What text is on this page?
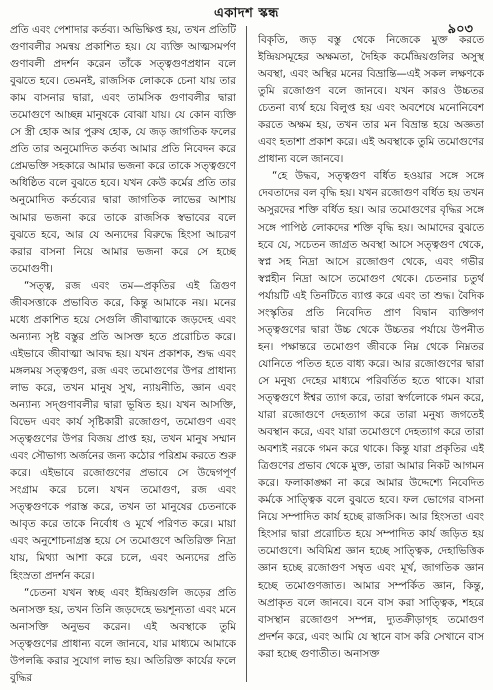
একাদশ স্কন্ধ
৯০৩

প্রতি এবং পেশাদার কর্তব্য। অভিক্ষিপ্ত হয়, তখন প্রতিটি গুণাবলীর সমন্বয় প্রকাশিত হয়। যে ব্যক্তি আত্মসমর্পণ গুণাবলী প্রদর্শন করেন তাঁকে সত্ত্বগুণপ্রধান বলে বুঝতে হবে। তেমনই, রাজসিক লোককে চেনা যায় তার কাম বাসনার দ্বারা, এবং তামসিক গুণাবলীর দ্বারা তমোগুণে আচ্ছন্ন মানুষকে বোঝা যায়। যে কোন ব্যক্তি সে স্ত্রী হোক আর পুরুষ হোক, যে জড় জাগতিক ফলের প্রতি তার অনুমোদিত কর্তব্য আমার প্রতি নিবেদন করে প্রেমভক্তি সহকারে আমার ভজনা করে তাকে সত্ত্বগুণে অধিষ্ঠিত বলে বুঝতে হবে। যখন কেউ কর্মের প্রতি তার অনুমোদিত কর্তব্যের দ্বারা জাগতিক লাভের আশায় আমার ভজনা করে তাকে রাজসিক স্বভাবের বলে বুঝতে হবে, আর যে অন্যদের বিরুদ্ধে হিংসা আচরণ করার বাসনা নিয়ে আমার ভজনা করে সে হচ্ছে তমোগুণী।

“সত্ত্ব, রজ এবং তম—প্রকৃতির এই ত্রিগুণ জীবসত্তাকে প্রভাবিত করে, কিন্তু আমাকে নয়। মনের মধ্যে প্রকাশিত হয়ে সেগুলি জীবাত্মাকে জড়দেহ এবং অন্যান্য সৃষ্ট বস্তুর প্রতি আসক্ত হতে প্ররোচিত করে। এইভাবে জীবাত্মা আবদ্ধ হয়। যখন প্রকাশক, শুদ্ধ এবং মঙ্গলময় সত্ত্বগুণ, রজ এবং তমোগুণের উপর প্রাধান্য লাভ করে, তখন মানুষ সুখ, ন্যায়নীতি, জ্ঞান এবং অন্যান্য সদ্গুণাবলীর দ্বারা ভূষিত হয়। যখন আসক্তি, বিভেদ এবং কার্য সৃষ্টিকারী রজোগুণ, তমোগুণ এবং সত্ত্বগুণের উপর বিজয় প্রাপ্ত হয়, তখন মানুষ সম্মান এবং সৌভাগ্য অর্জনের জন্য কঠোর পরিশ্রম করতে শুরু করে। এইভাবে রজোগুণের প্রভাবে সে উদ্বেগপূর্ণ সংগ্রাম করে চলে। যখন তমোগুণ, রজ এবং সত্ত্বগুণকে পরাস্ত করে, তখন তা মানুষের চেতনাকে আবৃত করে তাকে নির্বোধ ও মূর্খে পরিণত করে। মায়া এবং অনুশোচনাগ্রস্ত হয়ে সে তমোগুণে অতিরিক্ত নিদ্রা যায়, মিথ্যা আশা করে চলে, এবং অন্যদের প্রতি হিংস্রতা প্রদর্শন করে।

“চেতনা যখন স্বচ্ছ এবং ইন্দ্রিয়গুলি জড়ের প্রতি অনাসক্ত হয়, তখন তিনি জড়দেহে ভয়শূন্যতা এবং মনে অনাসক্তি অনুভব করেন। এই অবস্থাকে তুমি সত্ত্বগুণের প্রাধান্য বলে জানবে, যার মাধ্যমে আমাকে উপলব্ধি করার সুযোগ লাভ হয়। অতিরিক্ত কার্যের ফলে বুদ্ধির

বিকৃতি, জড় বস্তু থেকে নিজেকে মুক্ত করতে ইন্দ্রিয়সমূহের অক্ষমতা, দৈহিক কর্মেন্দ্রিয়গুলির অসুস্থ অবস্থা, এবং অস্থির মনের বিভ্রান্তি—এই সকল লক্ষণকে তুমি রজোগুণ বলে জানবে। যখন কারও উচ্চতর চেতনা ব্যর্থ হয়ে বিলুপ্ত হয় এবং অবশেষে মনোনিবেশ করতে অক্ষম হয়, তখন তার মন বিভ্রান্ত হয়ে অজ্ঞতা এবং হতাশা প্রকাশ করে। এই অবস্থাকে তুমি তমোগুণের প্রাধান্য বলে জানবে।

“হে উদ্ধব, সত্ত্বগুণ বর্ধিত হওয়ার সঙ্গে সঙ্গে দেবতাদের বল বৃদ্ধি হয়। যখন রজোগুণ বর্ধিত হয় তখন অসুরদের শক্তি বর্ধিত হয়। আর তমোগুণের বৃদ্ধির সঙ্গে সঙ্গে পাপিষ্ঠ লোকদের শক্তি বৃদ্ধি হয়। আমাদের বুঝতে হবে যে, সচেতন জাগ্রত অবস্থা আসে সত্ত্বগুণ থেকে, স্বপ্ন সহ নিদ্রা আসে রজোগুণ থেকে, এবং গভীর স্বপ্নহীন নিদ্রা আসে তমোগুণ থেকে। চেতনার চতুর্থ পর্যায়টি এই তিনটিতে ব্যাপ্ত করে এবং তা শুদ্ধ। বৈদিক সংস্কৃতির প্রতি নিবেদিত প্রাণ বিদ্বান ব্যক্তিগণ সত্ত্বগুণের দ্বারা উচ্চ থেকে উচ্চতর পর্যায়ে উপনীত হন। পক্ষান্তরে তমোগুণ জীবকে নিম্ন থেকে নিম্নতর যোনিতে পতিত হতে বাধ্য করে। আর রজোগুণের দ্বারা সে মনুষ্য দেহের মাধ্যমে পরিবর্তিত হতে থাকে। যারা সত্ত্বগুণে ঈশ্বর ত্যাগ করে, তারা স্বর্গলোকে গমন করে, যারা রজোগুণে দেহত্যাগ করে তারা মনুষ্য জগতেই অবস্থান করে, এবং যারা তমোগুণে দেহত্যাগ করে তারা অবশ্যই নরকে গমন করে থাকে। কিন্তু যারা প্রকৃতির এই ত্রিগুণের প্রভাব থেকে মুক্ত, তারা আমার নিকট আগমন করে। ফলাকাঙ্ক্ষা না করে আমার উদ্দেশ্যে নিবেদিত কর্মকে সাত্ত্বিক বলে বুঝতে হবে। ফল ভোগের বাসনা নিয়ে সম্পাদিত কার্য হচ্ছে রাজসিক। আর হিংসতা এবং হিংসার দ্বারা প্ররোচিত হয়ে সম্পাদিত কার্য জড়িত হয় তমোগুণে। অবিমিশ্র জ্ঞান হচ্ছে সাত্ত্বিক, দেহাভিত্তিক জ্ঞান হচ্ছে রজোগুণ সম্বৃত এবং মূর্খ, জাগতিক জ্ঞান হচ্ছে তমোগুণজাত। আমার সম্পর্কিত জ্ঞান, কিন্তু, অপ্রাকৃত বলে জানবে। বনে বাস করা সাত্ত্বিক, শহরে বাসস্থান রজোগুণ সম্পন্ন, দ্যুতক্রীড়াগৃহ তমোগুণ প্রদর্শন করে, এবং আমি যে স্থানে বাস করি সেখানে বাস করা হচ্ছে গুণাতীত। অনাসক্ত
